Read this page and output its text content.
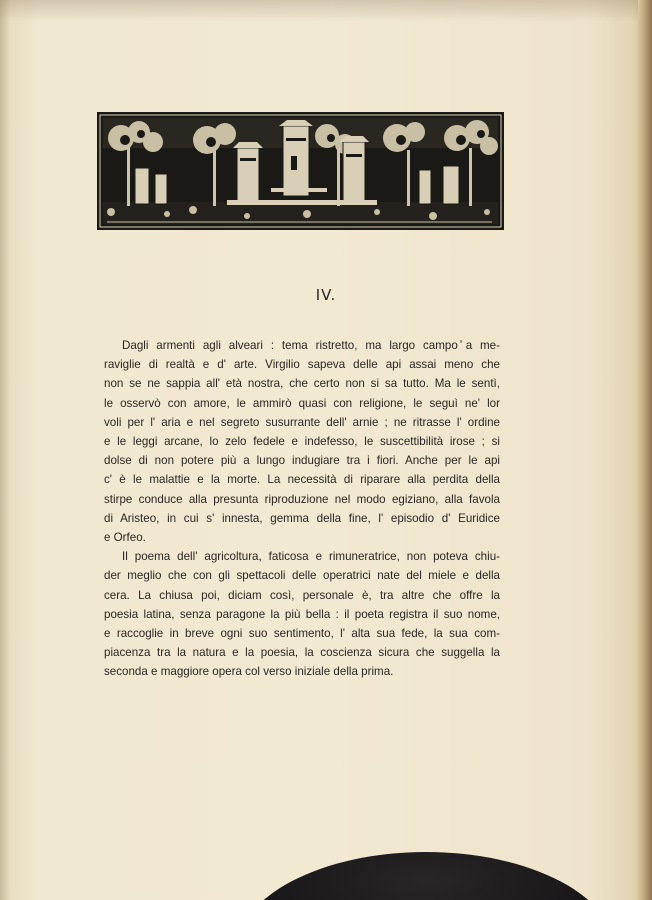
IV.
Dagli armenti agli alveari : tema ristretto, ma largo campo ̓a me-
raviglie di realtà e d' arte. Virgilio sapeva delle api assai meno che
non se ne sappia all' età nostra, che certo non si sa tutto. Ma le sentì,
le osservò con amore, le ammirò quasi con religione, le seguì ne' lor
voli per l' aria e nel segreto susurrante dell' arnie ; ne ritrasse l' ordine
e le leggi arcane, lo zelo fedele e indefesso, le suscettibilità irose ; si
dolse di non potere più a lungo indugiare tra i fiori. Anche per le api
c' è le malattie e la morte. La necessità di riparare alla perdita della
stirpe conduce alla presunta riproduzione nel modo egiziano, alla favola
di Aristeo, in cui s' innesta, gemma della fine, l' episodio d' Euridice
e Orfeo.
Il poema dell' agricoltura, faticosa e rimuneratrice, non poteva chiu-
der meglio che con gli spettacoli delle operatrici nate del miele e della
cera. La chiusa poi, diciam così, personale è, tra altre che offre la
poesia latina, senza paragone la più bella : il poeta registra il suo nome,
e raccoglie in breve ogni suo sentimento, l' alta sua fede, la sua com-
piacenza tra la natura e la poesia, la coscienza sicura che suggella la
seconda e maggiore opera col verso iniziale della prima.
